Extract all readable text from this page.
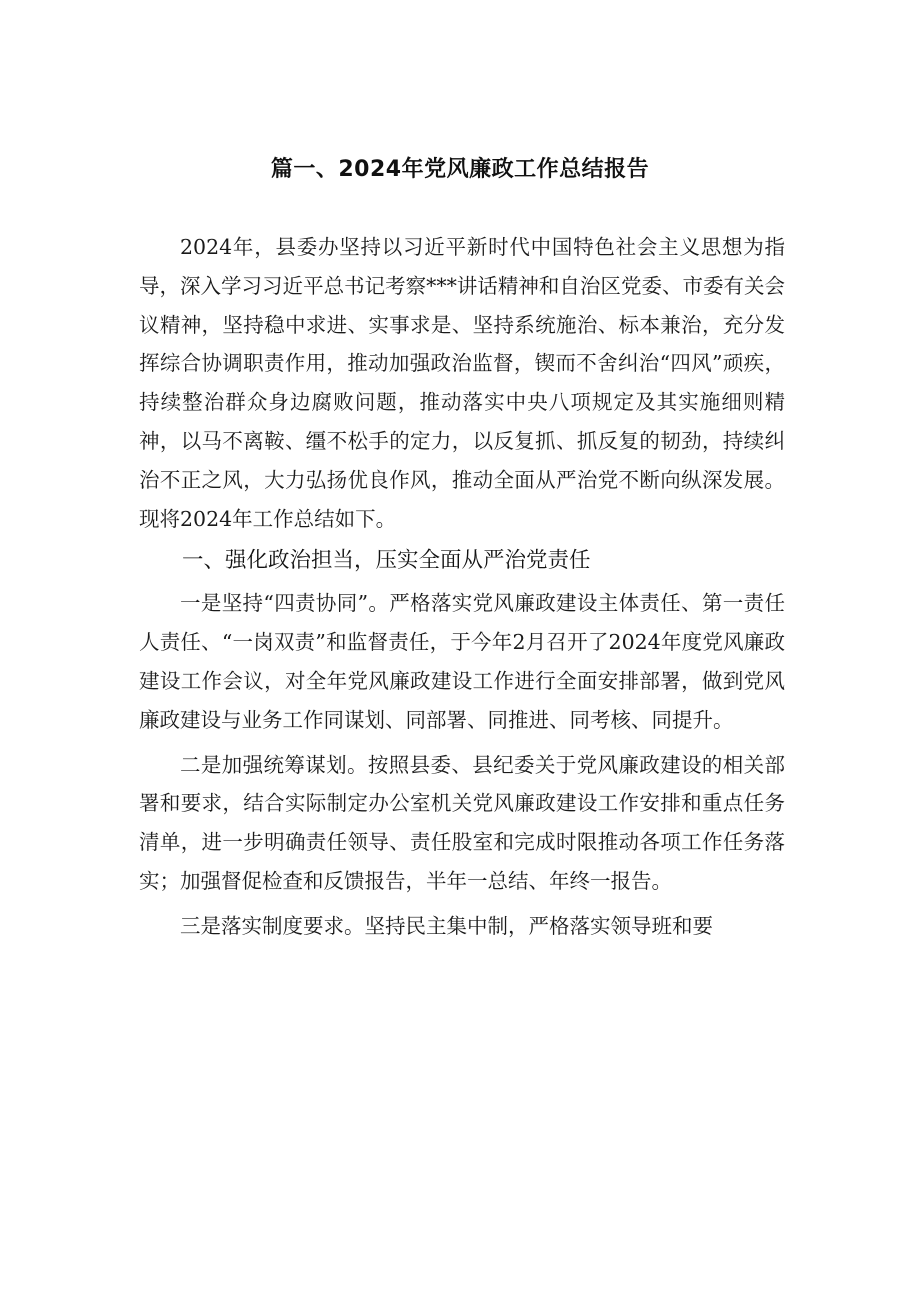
篇一、2024年党风廉政工作总结报告

2024年，县委办坚持以习近平新时代中国特色社会主义思想为指导，深入学习习近平总书记考察***讲话精神和自治区党委、市委有关会议精神，坚持稳中求进、实事求是、坚持系统施治、标本兼治，充分发挥综合协调职责作用，推动加强政治监督，锲而不舍纠治“四风”顽疾，持续整治群众身边腐败问题，推动落实中央八项规定及其实施细则精神，以马不离鞍、缰不松手的定力，以反复抓、抓反复的韧劲，持续纠治不正之风，大力弘扬优良作风，推动全面从严治党不断向纵深发展。现将2024年工作总结如下。

一、强化政治担当，压实全面从严治党责任

一是坚持“四责协同”。严格落实党风廉政建设主体责任、第一责任人责任、“一岗双责”和监督责任，于今年2月召开了2024年度党风廉政建设工作会议，对全年党风廉政建设工作进行全面安排部署，做到党风廉政建设与业务工作同谋划、同部署、同推进、同考核、同提升。

二是加强统筹谋划。按照县委、县纪委关于党风廉政建设的相关部署和要求，结合实际制定办公室机关党风廉政建设工作安排和重点任务清单，进一步明确责任领导、责任股室和完成时限推动各项工作任务落实；加强督促检查和反馈报告，半年一总结、年终一报告。

三是落实制度要求。坚持民主集中制，严格落实领导班和要
